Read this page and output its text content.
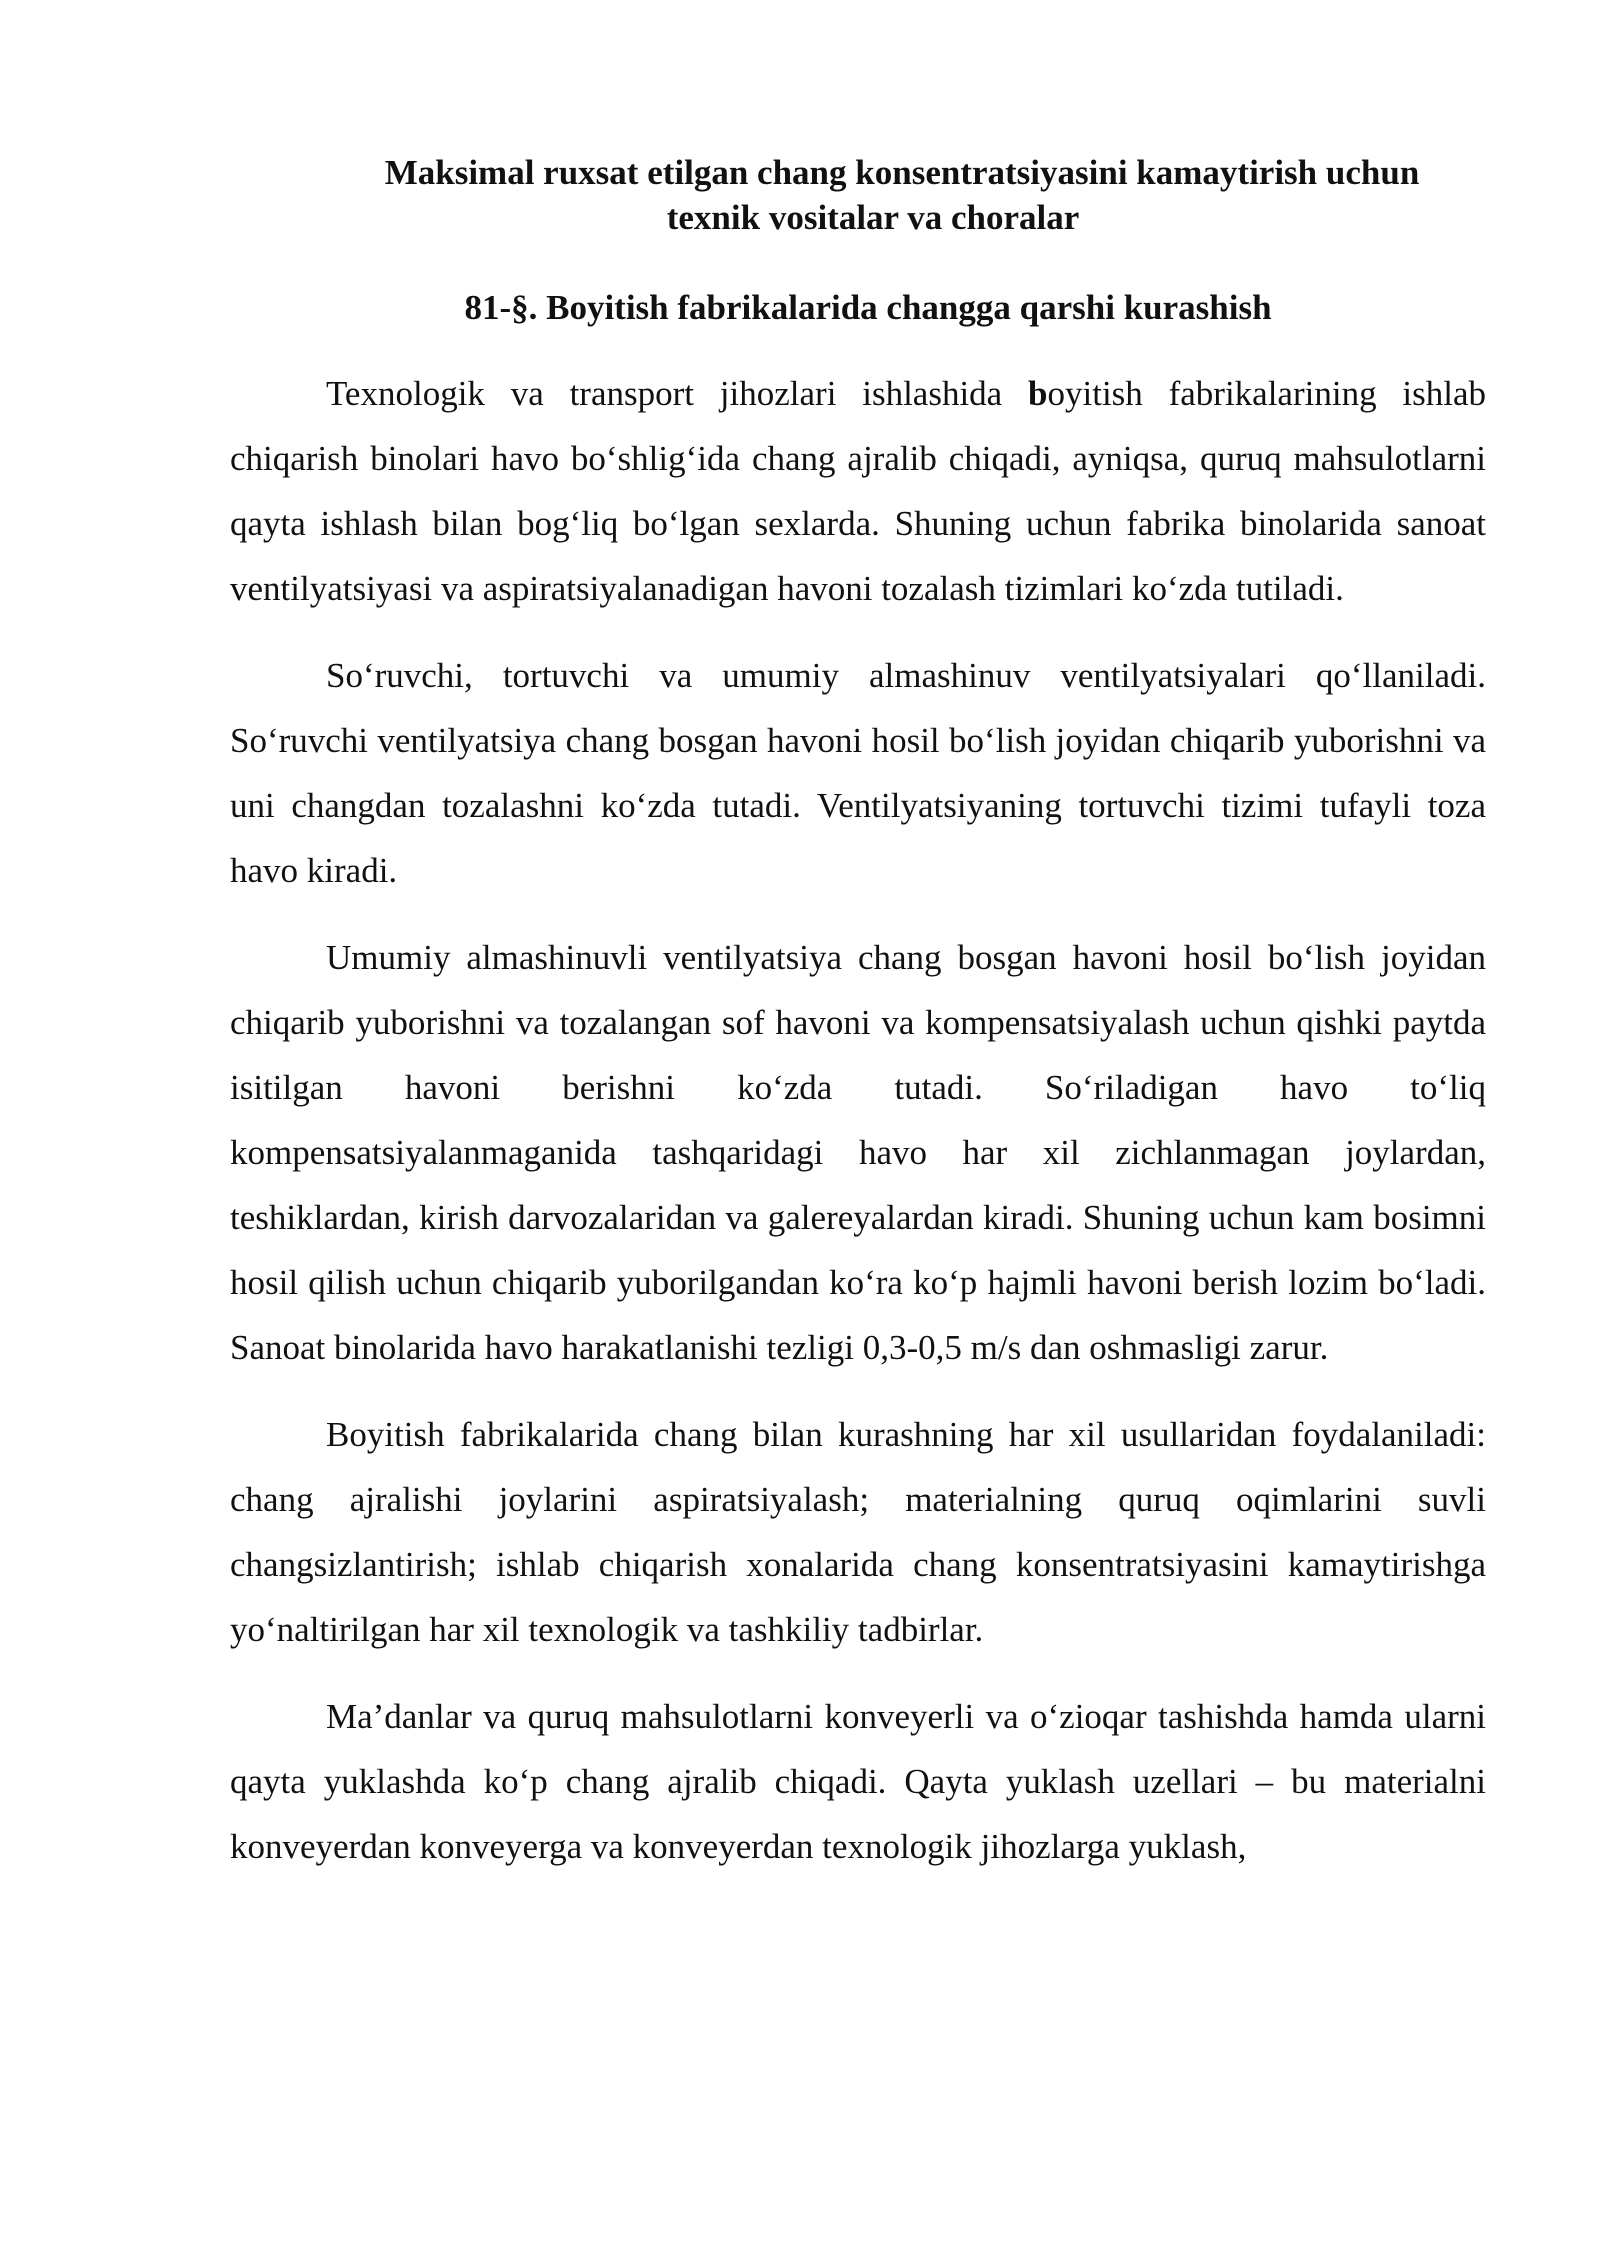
Maksimal ruxsat etilgan chang konsentratsiyasini kamaytirish uchun
texnik vositalar va choralar
81-§. Boyitish fabrikalarida changga qarshi kurashish

Texnologik va transport jihozlari ishlashida boyitish fabrikalarining ishlab chiqarish binolari havo bo‘shlig‘ida chang ajralib chiqadi, ayniqsa, quruq mahsulotlarni qayta ishlash bilan bog‘liq bo‘lgan sexlarda. Shuning uchun fabrika binolarida sanoat ventilyatsiyasi va aspiratsiyalanadigan havoni tozalash tizimlari ko‘zda tutiladi.

So‘ruvchi, tortuvchi va umumiy almashinuv ventilyatsiyalari qo‘llaniladi. So‘ruvchi ventilyatsiya chang bosgan havoni hosil bo‘lish joyidan chiqarib yuborishni va uni changdan tozalashni ko‘zda tutadi. Ventilyatsiyaning tortuvchi tizimi tufayli toza havo kiradi.

Umumiy almashinuvli ventilyatsiya chang bosgan havoni hosil bo‘lish joyidan chiqarib yuborishni va tozalangan sof havoni va kompensatsiyalash uchun qishki paytda isitilgan havoni berishni ko‘zda tutadi. So‘riladigan havo to‘liq kompensatsiyalanmaganida tashqaridagi havo har xil zichlanmagan joylardan, teshiklardan, kirish darvozalaridan va galereyalardan kiradi. Shuning uchun kam bosimni hosil qilish uchun chiqarib yuborilgandan ko‘ra ko‘p hajmli havoni berish lozim bo‘ladi. Sanoat binolarida havo harakatlanishi tezligi 0,3-0,5 m/s dan oshmasligi zarur.

Boyitish fabrikalarida chang bilan kurashning har xil usullaridan foydalaniladi: chang ajralishi joylarini aspiratsiyalash; materialning quruq oqimlarini suvli changsizlantirish; ishlab chiqarish xonalarida chang konsentratsiyasini kamaytirishga yo‘naltirilgan har xil texnologik va tashkiliy tadbirlar.

Ma’danlar va quruq mahsulotlarni konveyerli va o‘zioqar tashishda hamda ularni qayta yuklashda ko‘p chang ajralib chiqadi. Qayta yuklash uzellari – bu materialni konveyerdan konveyerga va konveyerdan texnologik jihozlarga yuklash,
